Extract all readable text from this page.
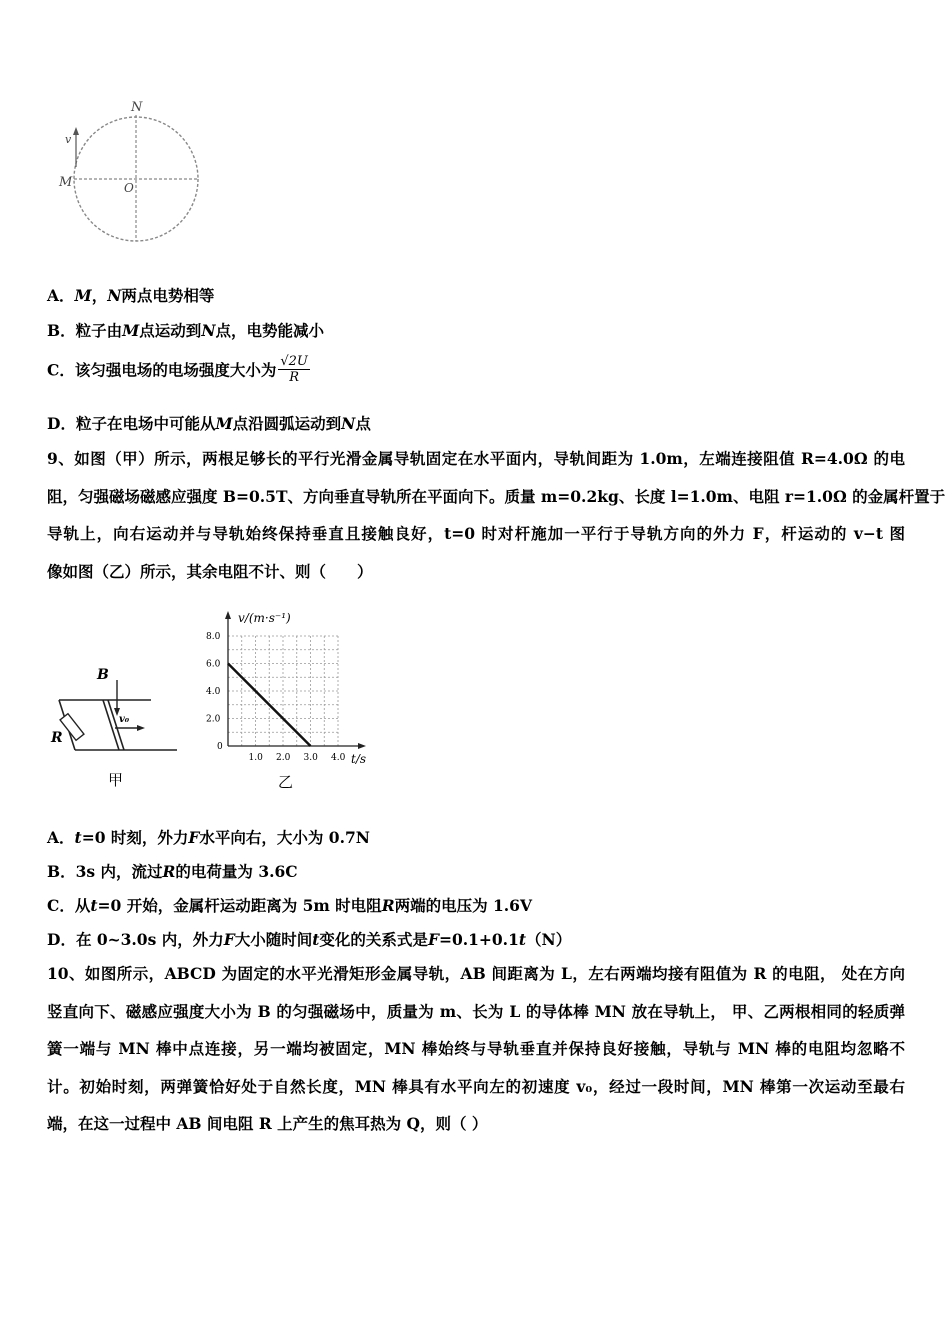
N
M	O
v
A．M，N两点电势相等
B．粒子由M点运动到N点，电势能减小
C．该匀强电场的电场强度大小为 $\frac{√2U}{R}$
D．粒子在电场中可能从M点沿圆弧运动到N点
9、如图（甲）所示，两根足够长的平行光滑金属导轨固定在水平面内，导轨间距为 1.0m，左端连接阻值 R=4.0Ω 的电
阻，匀强磁场磁感应强度 B=0.5T、方向垂直导轨所在平面向下。质量 m=0.2kg、长度 l=1.0m、电阻 r=1.0Ω 的金属杆置于
导轨上，向右运动并与导轨始终保持垂直且接触良好，t=0 时对杆施加一平行于导轨方向的外力 F，杆运动的 v−t 图
像如图（乙）所示，其余电阻不计、则（　　）
B
R
v₀
甲
1.0 2.0 3.0 4.0
0
2.0
4.0
6.0
8.0
v/(m·s⁻¹)
t/s
乙
A．t=0 时刻，外力F水平向右，大小为 0.7N
B．3s 内，流过R的电荷量为 3.6C
C．从t=0 开始，金属杆运动距离为 5m 时电阻R两端的电压为 1.6V
D．在 0~3.0s 内，外力F大小随时间t变化的关系式是F=0.1+0.1t（N）
10、如图所示，ABCD 为固定的水平光滑矩形金属导轨，AB 间距离为 L，左右两端均接有阻值为 R 的电阻， 处在方向
竖直向下、磁感应强度大小为 B 的匀强磁场中，质量为 m、长为 L 的导体棒 MN 放在导轨上， 甲、乙两根相同的轻质弹
簧一端与 MN 棒中点连接，另一端均被固定，MN 棒始终与导轨垂直并保持良好接触，导轨与 MN 棒的电阻均忽略不
计。初始时刻，两弹簧恰好处于自然长度，MN 棒具有水平向左的初速度 v₀，经过一段时间，MN 棒第一次运动至最右
端，在这一过程中 AB 间电阻 R 上产生的焦耳热为 Q，则（ ）
